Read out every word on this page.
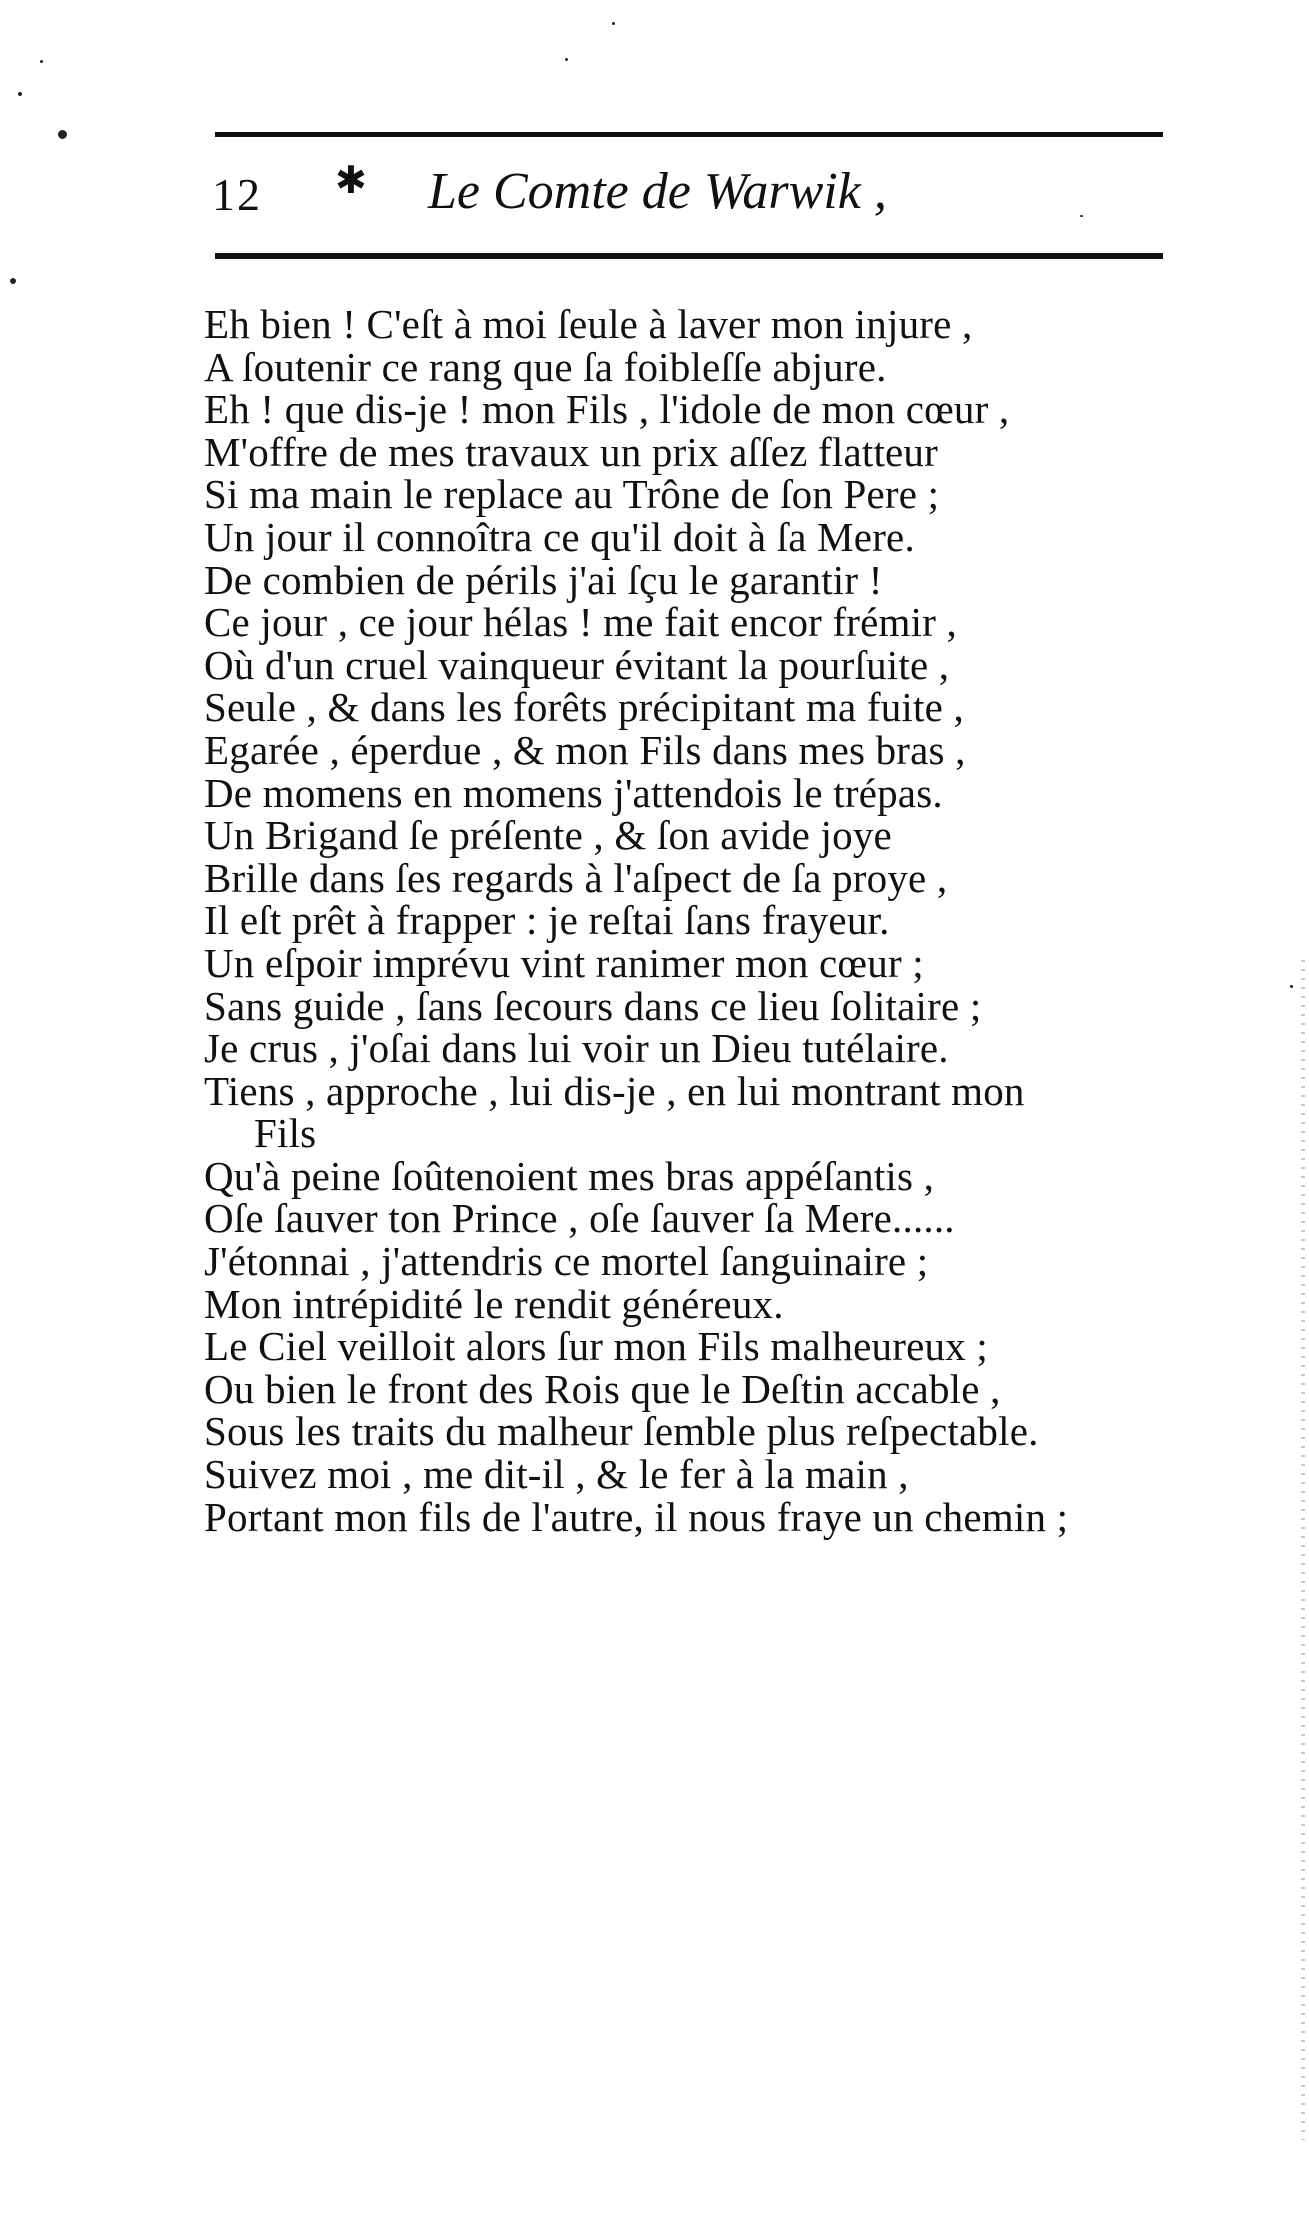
12 ✱ Le Comte de Warwik ,
Eh bien ! C'eſt à moi ſeule à laver mon injure ,
A ſoutenir ce rang que ſa foibleſſe abjure.
Eh ! que dis-je ! mon Fils , l'idole de mon cœur ,
M'offre de mes travaux un prix aſſez flatteur
Si ma main le replace au Trône de ſon Pere ;
Un jour il connoîtra ce qu'il doit à ſa Mere.
De combien de périls j'ai ſçu le garantir !
Ce jour , ce jour hélas ! me fait encor frémir ,
Où d'un cruel vainqueur évitant la pourſuite ,
Seule , & dans les forêts précipitant ma fuite ,
Egarée , éperdue , & mon Fils dans mes bras ,
De momens en momens j'attendois le trépas.
Un Brigand ſe préſente , & ſon avide joye
Brille dans ſes regards à l'aſpect de ſa proye ,
Il eſt prêt à frapper : je reſtai ſans frayeur.
Un eſpoir imprévu vint ranimer mon cœur ;
Sans guide , ſans ſecours dans ce lieu ſolitaire ;
Je crus , j'oſai dans lui voir un Dieu tutélaire.
Tiens , approche , lui dis-je , en lui montrant mon
Fils
Qu'à peine ſoûtenoient mes bras appéſantis ,
Oſe ſauver ton Prince , oſe ſauver ſa Mere......
J'étonnai , j'attendris ce mortel ſanguinaire ;
Mon intrépidité le rendit généreux.
Le Ciel veilloit alors ſur mon Fils malheureux ;
Ou bien le front des Rois que le Deſtin accable ,
Sous les traits du malheur ſemble plus reſpectable.
Suivez moi , me dit-il , & le fer à la main ,
Portant mon fils de l'autre, il nous fraye un chemin ;
